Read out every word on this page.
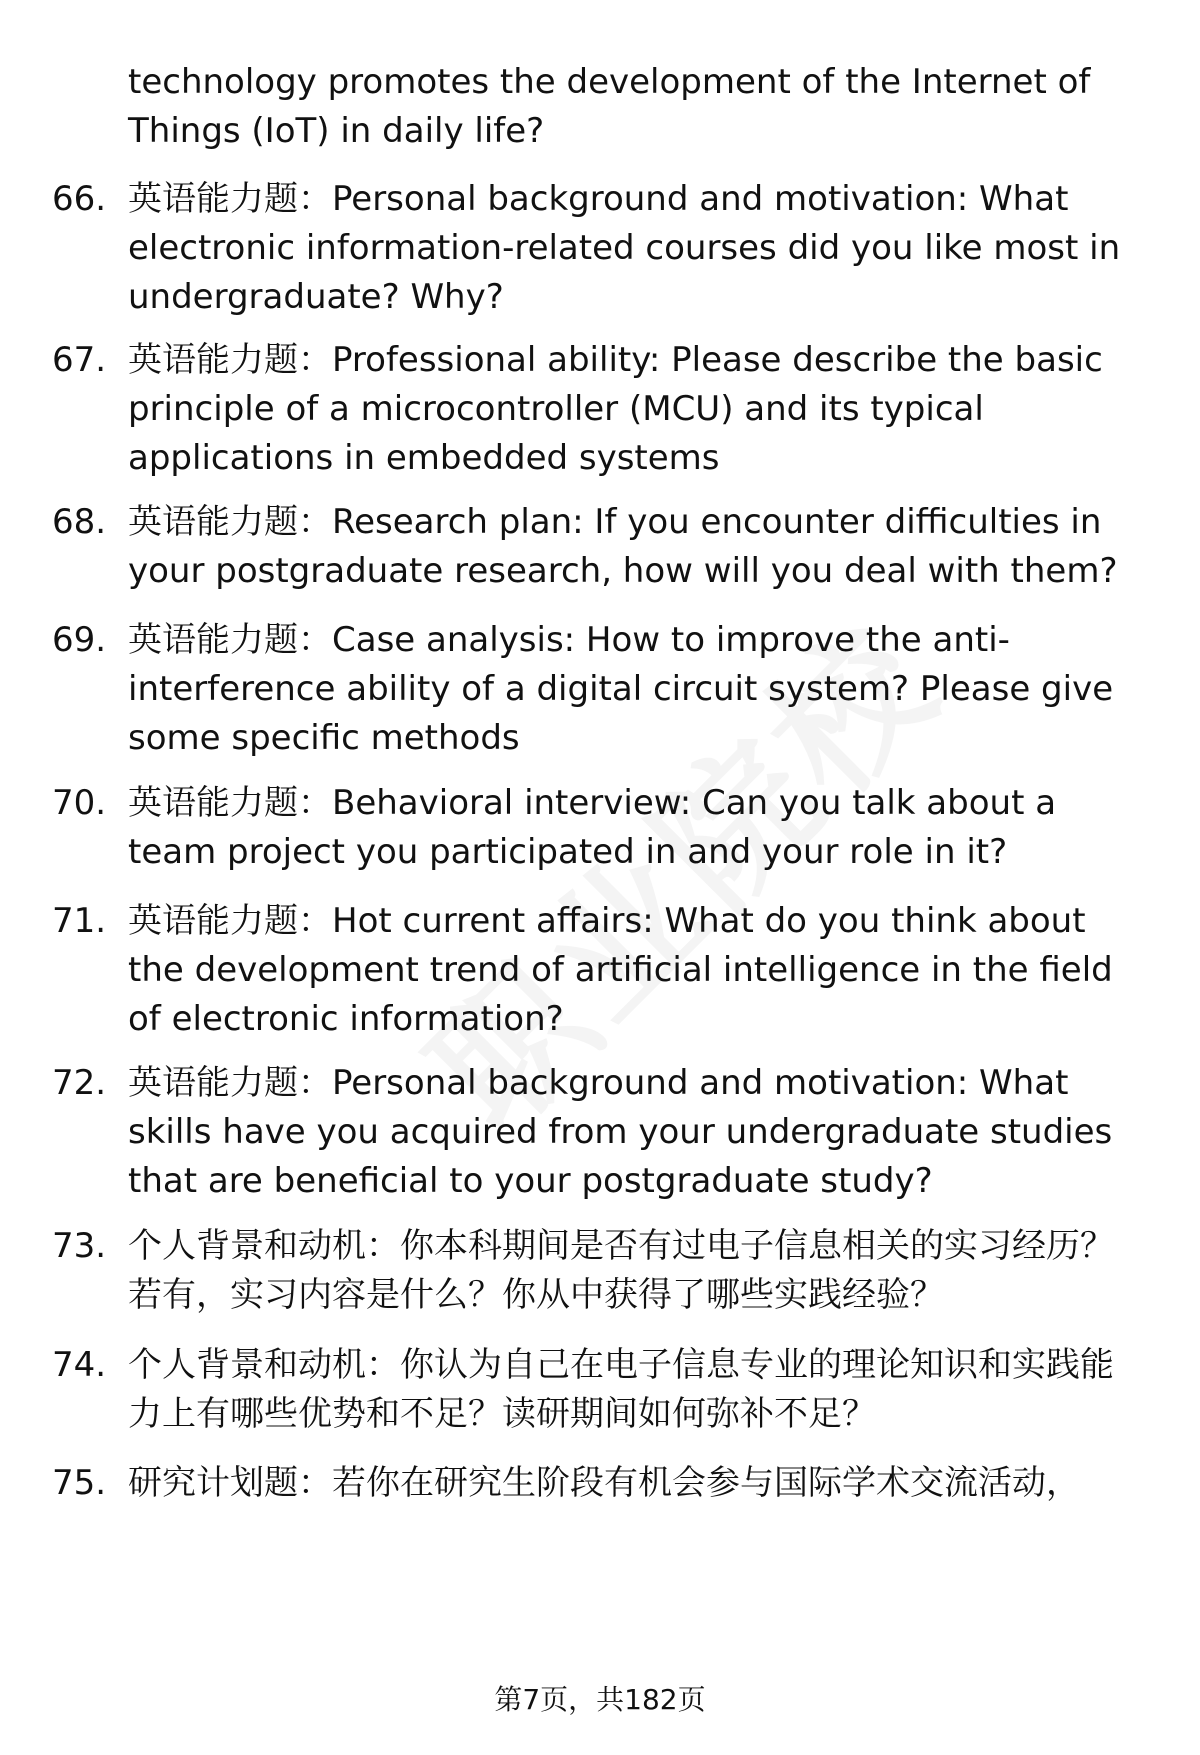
technology promotes the development of the Internet of Things (IoT) in daily life?
66. 英语能力题：Personal background and motivation: What electronic information-related courses did you like most in undergraduate? Why?
67. 英语能力题：Professional ability: Please describe the basic principle of a microcontroller (MCU) and its typical applications in embedded systems
68. 英语能力题：Research plan: If you encounter difficulties in your postgraduate research, how will you deal with them?
69. 英语能力题：Case analysis: How to improve the anti-interference ability of a digital circuit system? Please give some specific methods
70. 英语能力题：Behavioral interview: Can you talk about a team project you participated in and your role in it?
71. 英语能力题：Hot current affairs: What do you think about the development trend of artificial intelligence in the field of electronic information?
72. 英语能力题：Personal background and motivation: What skills have you acquired from your undergraduate studies that are beneficial to your postgraduate study?
73. 个人背景和动机：你本科期间是否有过电子信息相关的实习经历？若有，实习内容是什么？你从中获得了哪些实践经验？
74. 个人背景和动机：你认为自己在电子信息专业的理论知识和实践能力上有哪些优势和不足？读研期间如何弥补不足？
75. 研究计划题：若你在研究生阶段有机会参与国际学术交流活动，
第7页，共182页
